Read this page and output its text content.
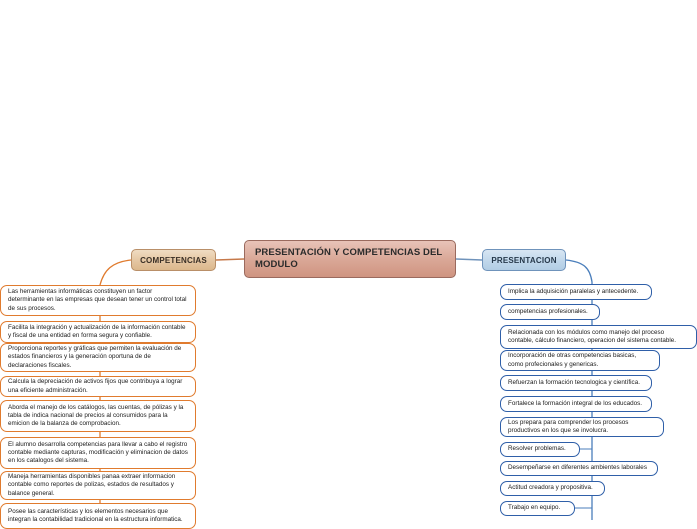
PRESENTACIÓN Y COMPETENCIAS DEL MODULO
COMPETENCIAS	PRESENTACION
Las herramientas informáticas constituyen un factor determinante en las empresas que desean tener un control total de sus procesos.
Facilita la integración y actualización de la información contable y fiscal de una entidad en forma segura y confiable.
Proporciona reportes y gráficas que permiten la evaluación de estados financieros y la generación oportuna de de declaraciones fiscales.
Calcula la depreciación de activos fijos que contribuya a lograr una eficiente administración.
Aborda el manejo de los catálogos, las cuentas, de pólizas y la tabla de indica nacional de precios al consumidos para la emicion de la balanza de comprobacion.
El alumno desarrolla competencias para llevar a cabo el registro contable mediante capturas, modificación y eliminacion de datos en los catalogos del sistema.
Maneja herramientas disponibles panaa extraer informacion contable como reportes de polizas, estados de resultados y balance general.
Posee las características y los elementos necesarios que integran la contabilidad tradicional en la estructura informatica.
Implica la adquisición paralelas y antecedente.
competencias profesionales.
Relacionada con los módulos como manejo del proceso contable, cálculo financiero, operacion del sistema contable.
Incorporación de otras competencias basicas, como profecionales y genericas.
Refuerzan la formación tecnologica y científica.
Fortalece la formación integral de los educados.
Los prepara para comprender los procesos productivos en los que se involucra.
Resolver problemas.
Desempeñarse en diferentes ambientes laborales
Actitud creadora y propositiva.
Trabajo en equipo.
